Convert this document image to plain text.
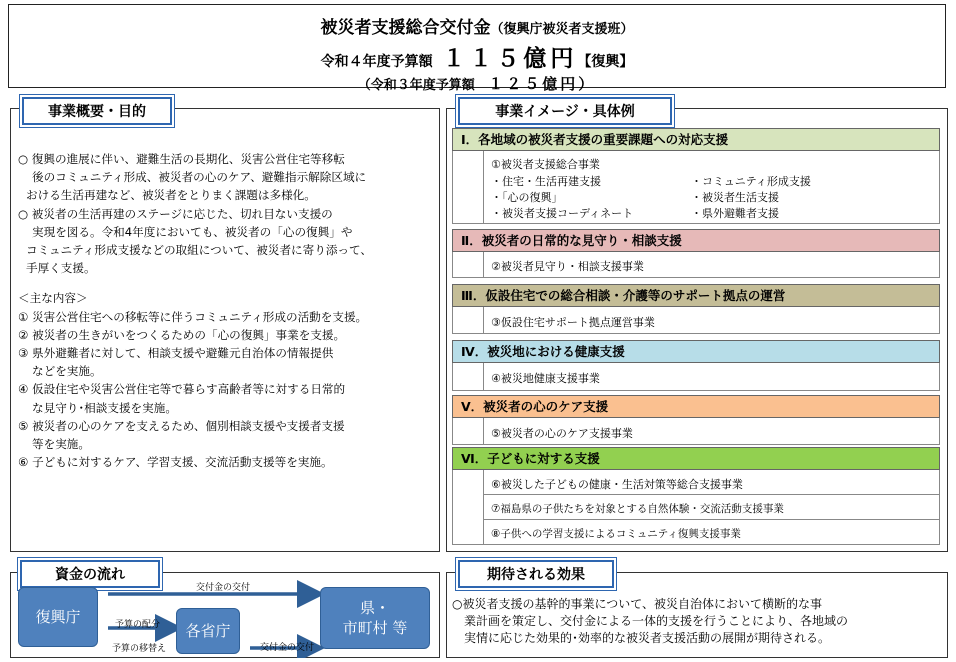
被災者支援総合交付金（復興庁被災者支援班）
令和４年度予算額 １１５億円【復興】
（令和３年度予算額 １２５億円）
事業概要・目的

○ 復興の進展に伴い、避難生活の長期化、災害公営住宅等移転

後のコミュニティ形成、被災者の心のケア、避難指示解除区域に

おける生活再建など、被災者をとりまく課題は多様化。

○ 被災者の生活再建のステージに応じた、切れ目ない支援の

実現を図る。令和4年度においても、被災者の「心の復興」や

コミュニティ形成支援などの取組について、被災者に寄り添って、

手厚く支援。

＜主な内容＞

① 災害公営住宅への移転等に伴うコミュニティ形成の活動を支援。

② 被災者の生きがいをつくるための「心の復興」事業を支援。

③ 県外避難者に対して、相談支援や避難元自治体の情報提供

などを実施。

④ 仮設住宅や災害公営住宅等で暮らす高齢者等に対する日常的

な見守り･相談支援を実施。

⑤ 被災者の心のケアを支えるため、個別相談支援や支援者支援

等を実施。

⑥ 子どもに対するケア、学習支援、交流活動支援等を実施。

事業イメージ・具体例
Ⅰ．各地域の被災者支援の重要課題への対応支援
①被災者支援総合事業
・住宅・生活再建支援	・コミュニティ形成支援
・「心の復興」	・被災者生活支援
・被災者支援コーディネート	・県外避難者支援
Ⅱ．被災者の日常的な見守り・相談支援
②被災者見守り・相談支援事業
Ⅲ．仮設住宅での総合相談・介護等のサポート拠点の運営
③仮設住宅サポート拠点運営事業
Ⅳ．被災地における健康支援
④被災地健康支援事業
Ⅴ．被災者の心のケア支援
⑤被災者の心のケア支援事業
Ⅵ．子どもに対する支援
⑥被災した子どもの健康・生活対策等総合支援事業
⑦福島県の子供たちを対象とする自然体験・交流活動支援事業
⑧子供への学習支援によるコミュニティ復興支援事業
資金の流れ
復興庁
各省庁
県・
市町村 等
交付金の交付
予算の配分
予算の移替え	交付金の交付
期待される効果

○被災者支援の基幹的事業について、被災自治体において横断的な事

業計画を策定し、交付金による一体的支援を行うことにより、各地域の

実情に応じた効果的･効率的な被災者支援活動の展開が期待される。
